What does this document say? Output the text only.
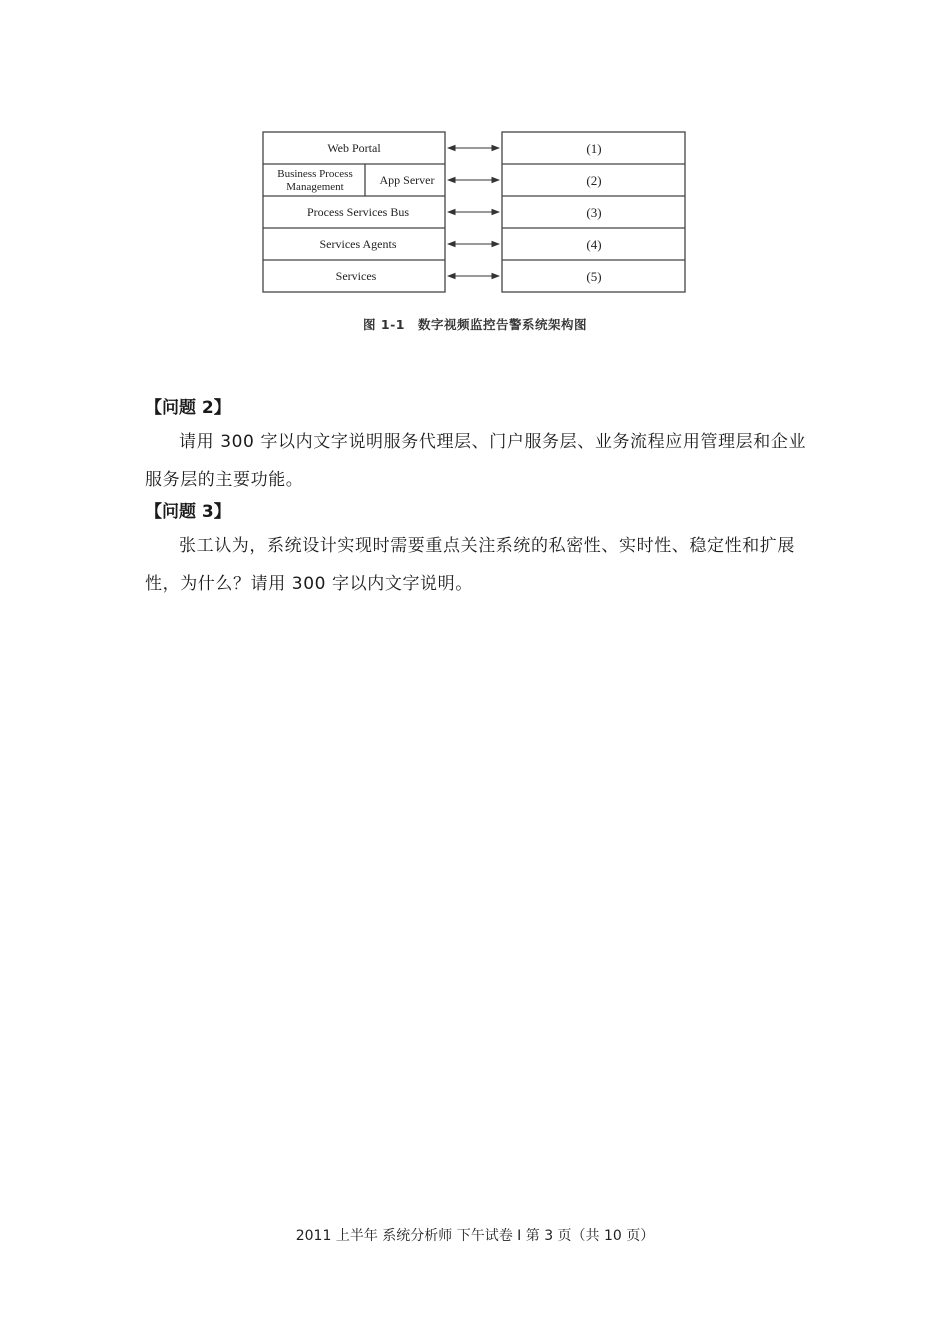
Web Portal
Business Process
Management	App Server
Process Services Bus
Services Agents
Services
(1)
(2)
(3)
(4)
(5)
图 1-1　数字视频监控告警系统架构图

【问题 2】

请用 300 字以内文字说明服务代理层、门户服务层、业务流程应用管理层和企业服务层的主要功能。

【问题 3】

张工认为，系统设计实现时需要重点关注系统的私密性、实时性、稳定性和扩展性，为什么？请用 300 字以内文字说明。

2011 上半年 系统分析师 下午试卷 I 第 3 页（共 10 页）
